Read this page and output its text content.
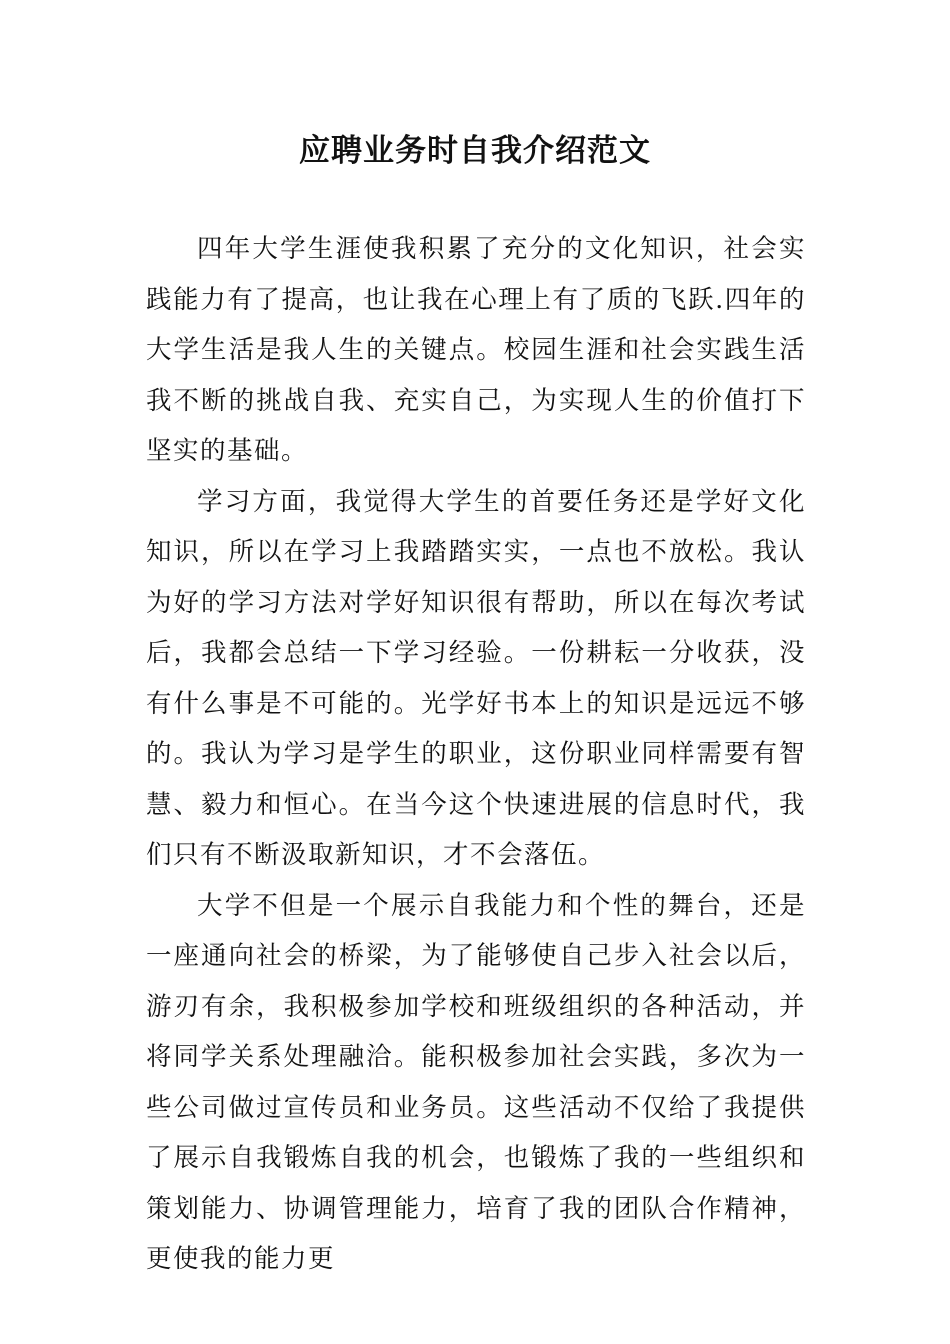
应聘业务时自我介绍范文

四年大学生涯使我积累了充分的文化知识，社会实践能力有了提高，也让我在心理上有了质的飞跃.四年的大学生活是我人生的关键点。校园生涯和社会实践生活我不断的挑战自我、充实自己，为实现人生的价值打下坚实的基础。

学习方面，我觉得大学生的首要任务还是学好文化知识，所以在学习上我踏踏实实，一点也不放松。我认为好的学习方法对学好知识很有帮助，所以在每次考试后，我都会总结一下学习经验。一份耕耘一分收获，没有什么事是不可能的。光学好书本上的知识是远远不够的。我认为学习是学生的职业，这份职业同样需要有智慧、毅力和恒心。在当今这个快速进展的信息时代，我们只有不断汲取新知识，才不会落伍。

大学不但是一个展示自我能力和个性的舞台，还是一座通向社会的桥梁，为了能够使自己步入社会以后，游刃有余，我积极参加学校和班级组织的各种活动，并将同学关系处理融洽。能积极参加社会实践，多次为一些公司做过宣传员和业务员。这些活动不仅给了我提供了展示自我锻炼自我的机会，也锻炼了我的一些组织和策划能力、协调管理能力，培育了我的团队合作精神，更使我的能力更
